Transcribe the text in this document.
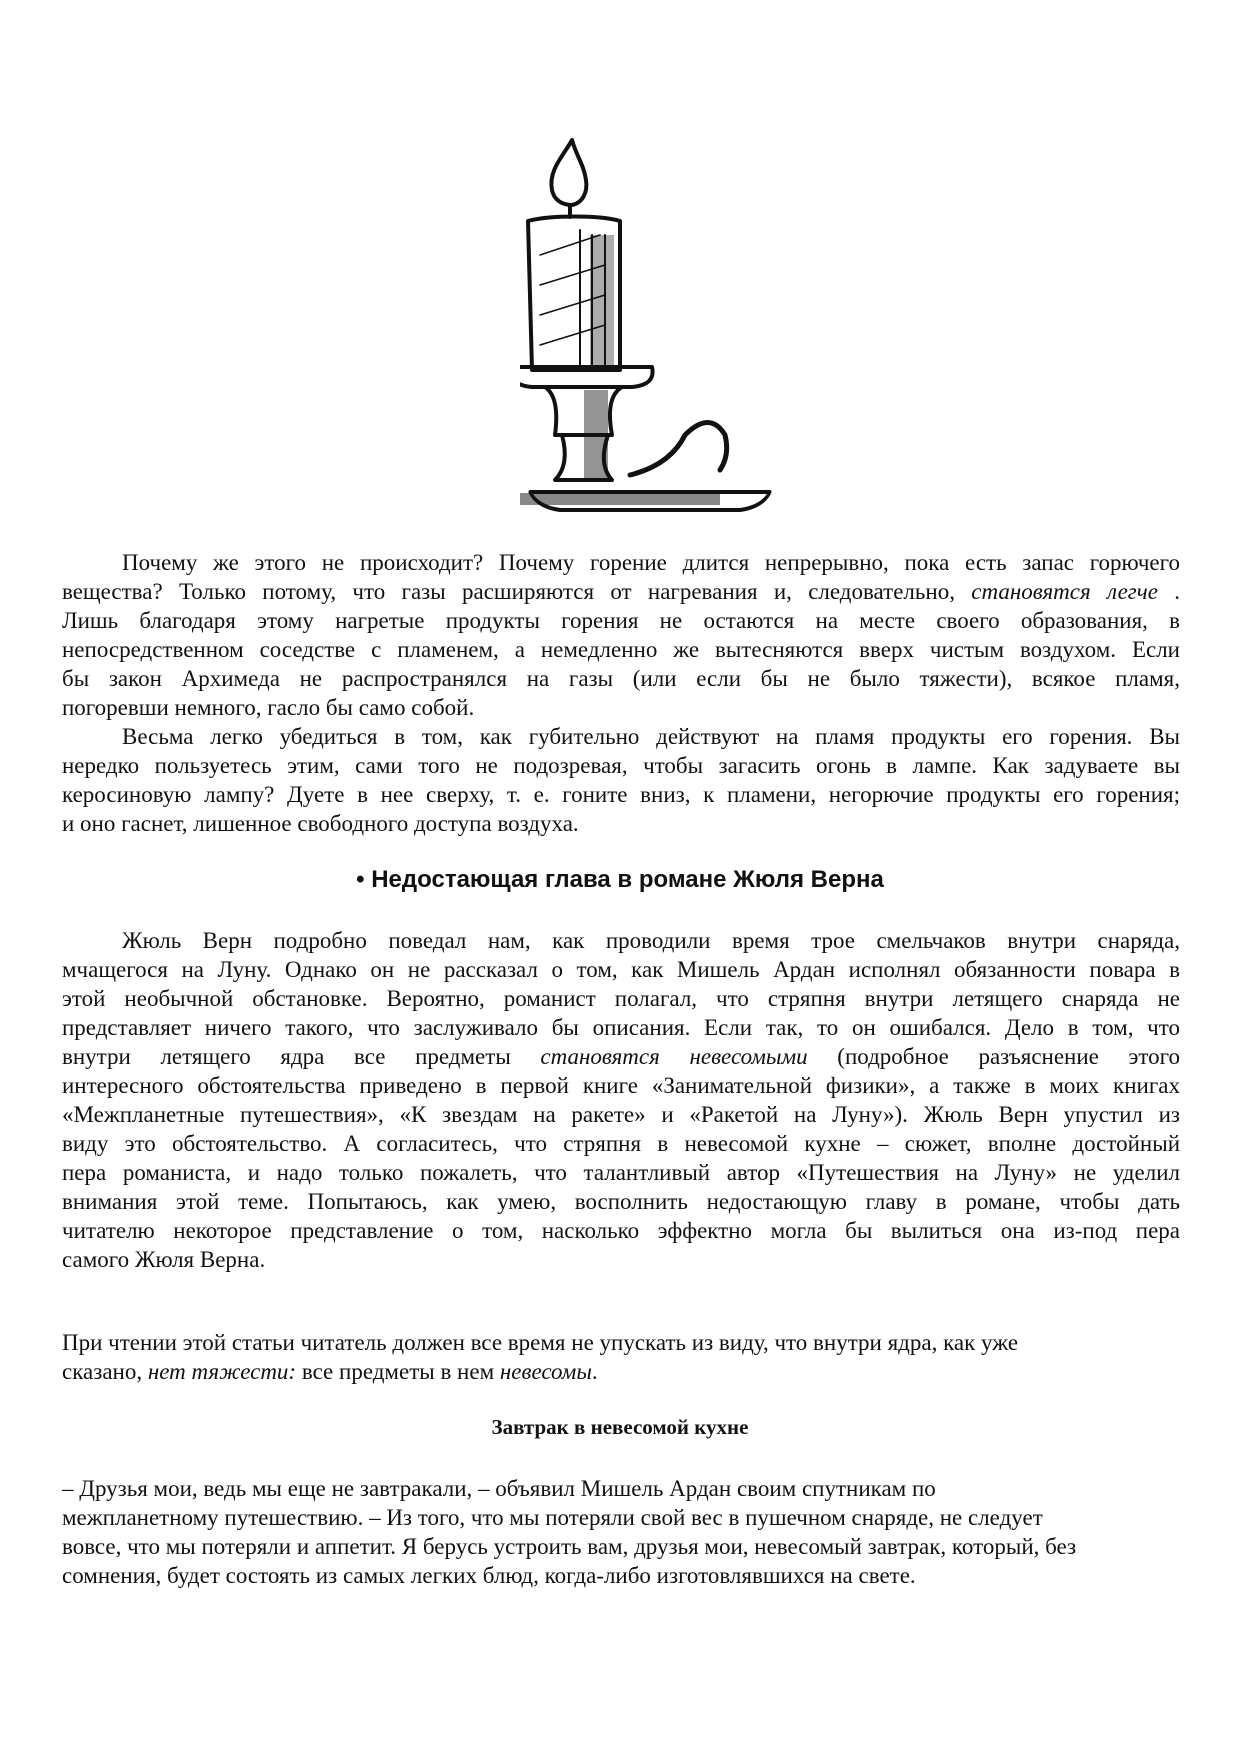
Почему же этого не происходит? Почему горение длится непрерывно, пока есть запас горючего
вещества? Только потому, что газы расширяются от нагревания и, следовательно, становятся легче .
Лишь благодаря этому нагретые продукты горения не остаются на месте своего образования, в
непосредственном соседстве с пламенем, а немедленно же вытесняются вверх чистым воздухом. Если
бы закон Архимеда не распространялся на газы (или если бы не было тяжести), всякое пламя,
погоревши немного, гасло бы само собой.
Весьма легко убедиться в том, как губительно действуют на пламя продукты его горения. Вы
нередко пользуетесь этим, сами того не подозревая, чтобы загасить огонь в лампе. Как задуваете вы
керосиновую лампу? Дуете в нее сверху, т. е. гоните вниз, к пламени, негорючие продукты его горения;
и оно гаснет, лишенное свободного доступа воздуха.
• Недостающая глава в романе Жюля Верна
Жюль Верн подробно поведал нам, как проводили время трое смельчаков внутри снаряда,
мчащегося на Луну. Однако он не рассказал о том, как Мишель Ардан исполнял обязанности повара в
этой необычной обстановке. Вероятно, романист полагал, что стряпня внутри летящего снаряда не
представляет ничего такого, что заслуживало бы описания. Если так, то он ошибался. Дело в том, что
внутри летящего ядра все предметы становятся невесомыми (подробное разъяснение этого
интересного обстоятельства приведено в первой книге «Занимательной физики», а также в моих книгах
«Межпланетные путешествия», «К звездам на ракете» и «Ракетой на Луну»). Жюль Верн упустил из
виду это обстоятельство. А согласитесь, что стряпня в невесомой кухне – сюжет, вполне достойный
пера романиста, и надо только пожалеть, что талантливый автор «Путешествия на Луну» не уделил
внимания этой теме. Попытаюсь, как умею, восполнить недостающую главу в романе, чтобы дать
читателю некоторое представление о том, насколько эффектно могла бы вылиться она из-под пера
самого Жюля Верна.
При чтении этой статьи читатель должен все время не упускать из виду, что внутри ядра, как уже
сказано, нет тяжести: все предметы в нем невесомы.
Завтрак в невесомой кухне
– Друзья мои, ведь мы еще не завтракали, – объявил Мишель Ардан своим спутникам по
межпланетному путешествию. – Из того, что мы потеряли свой вес в пушечном снаряде, не следует
вовсе, что мы потеряли и аппетит. Я берусь устроить вам, друзья мои, невесомый завтрак, который, без
сомнения, будет состоять из самых легких блюд, когда-либо изготовлявшихся на свете.
